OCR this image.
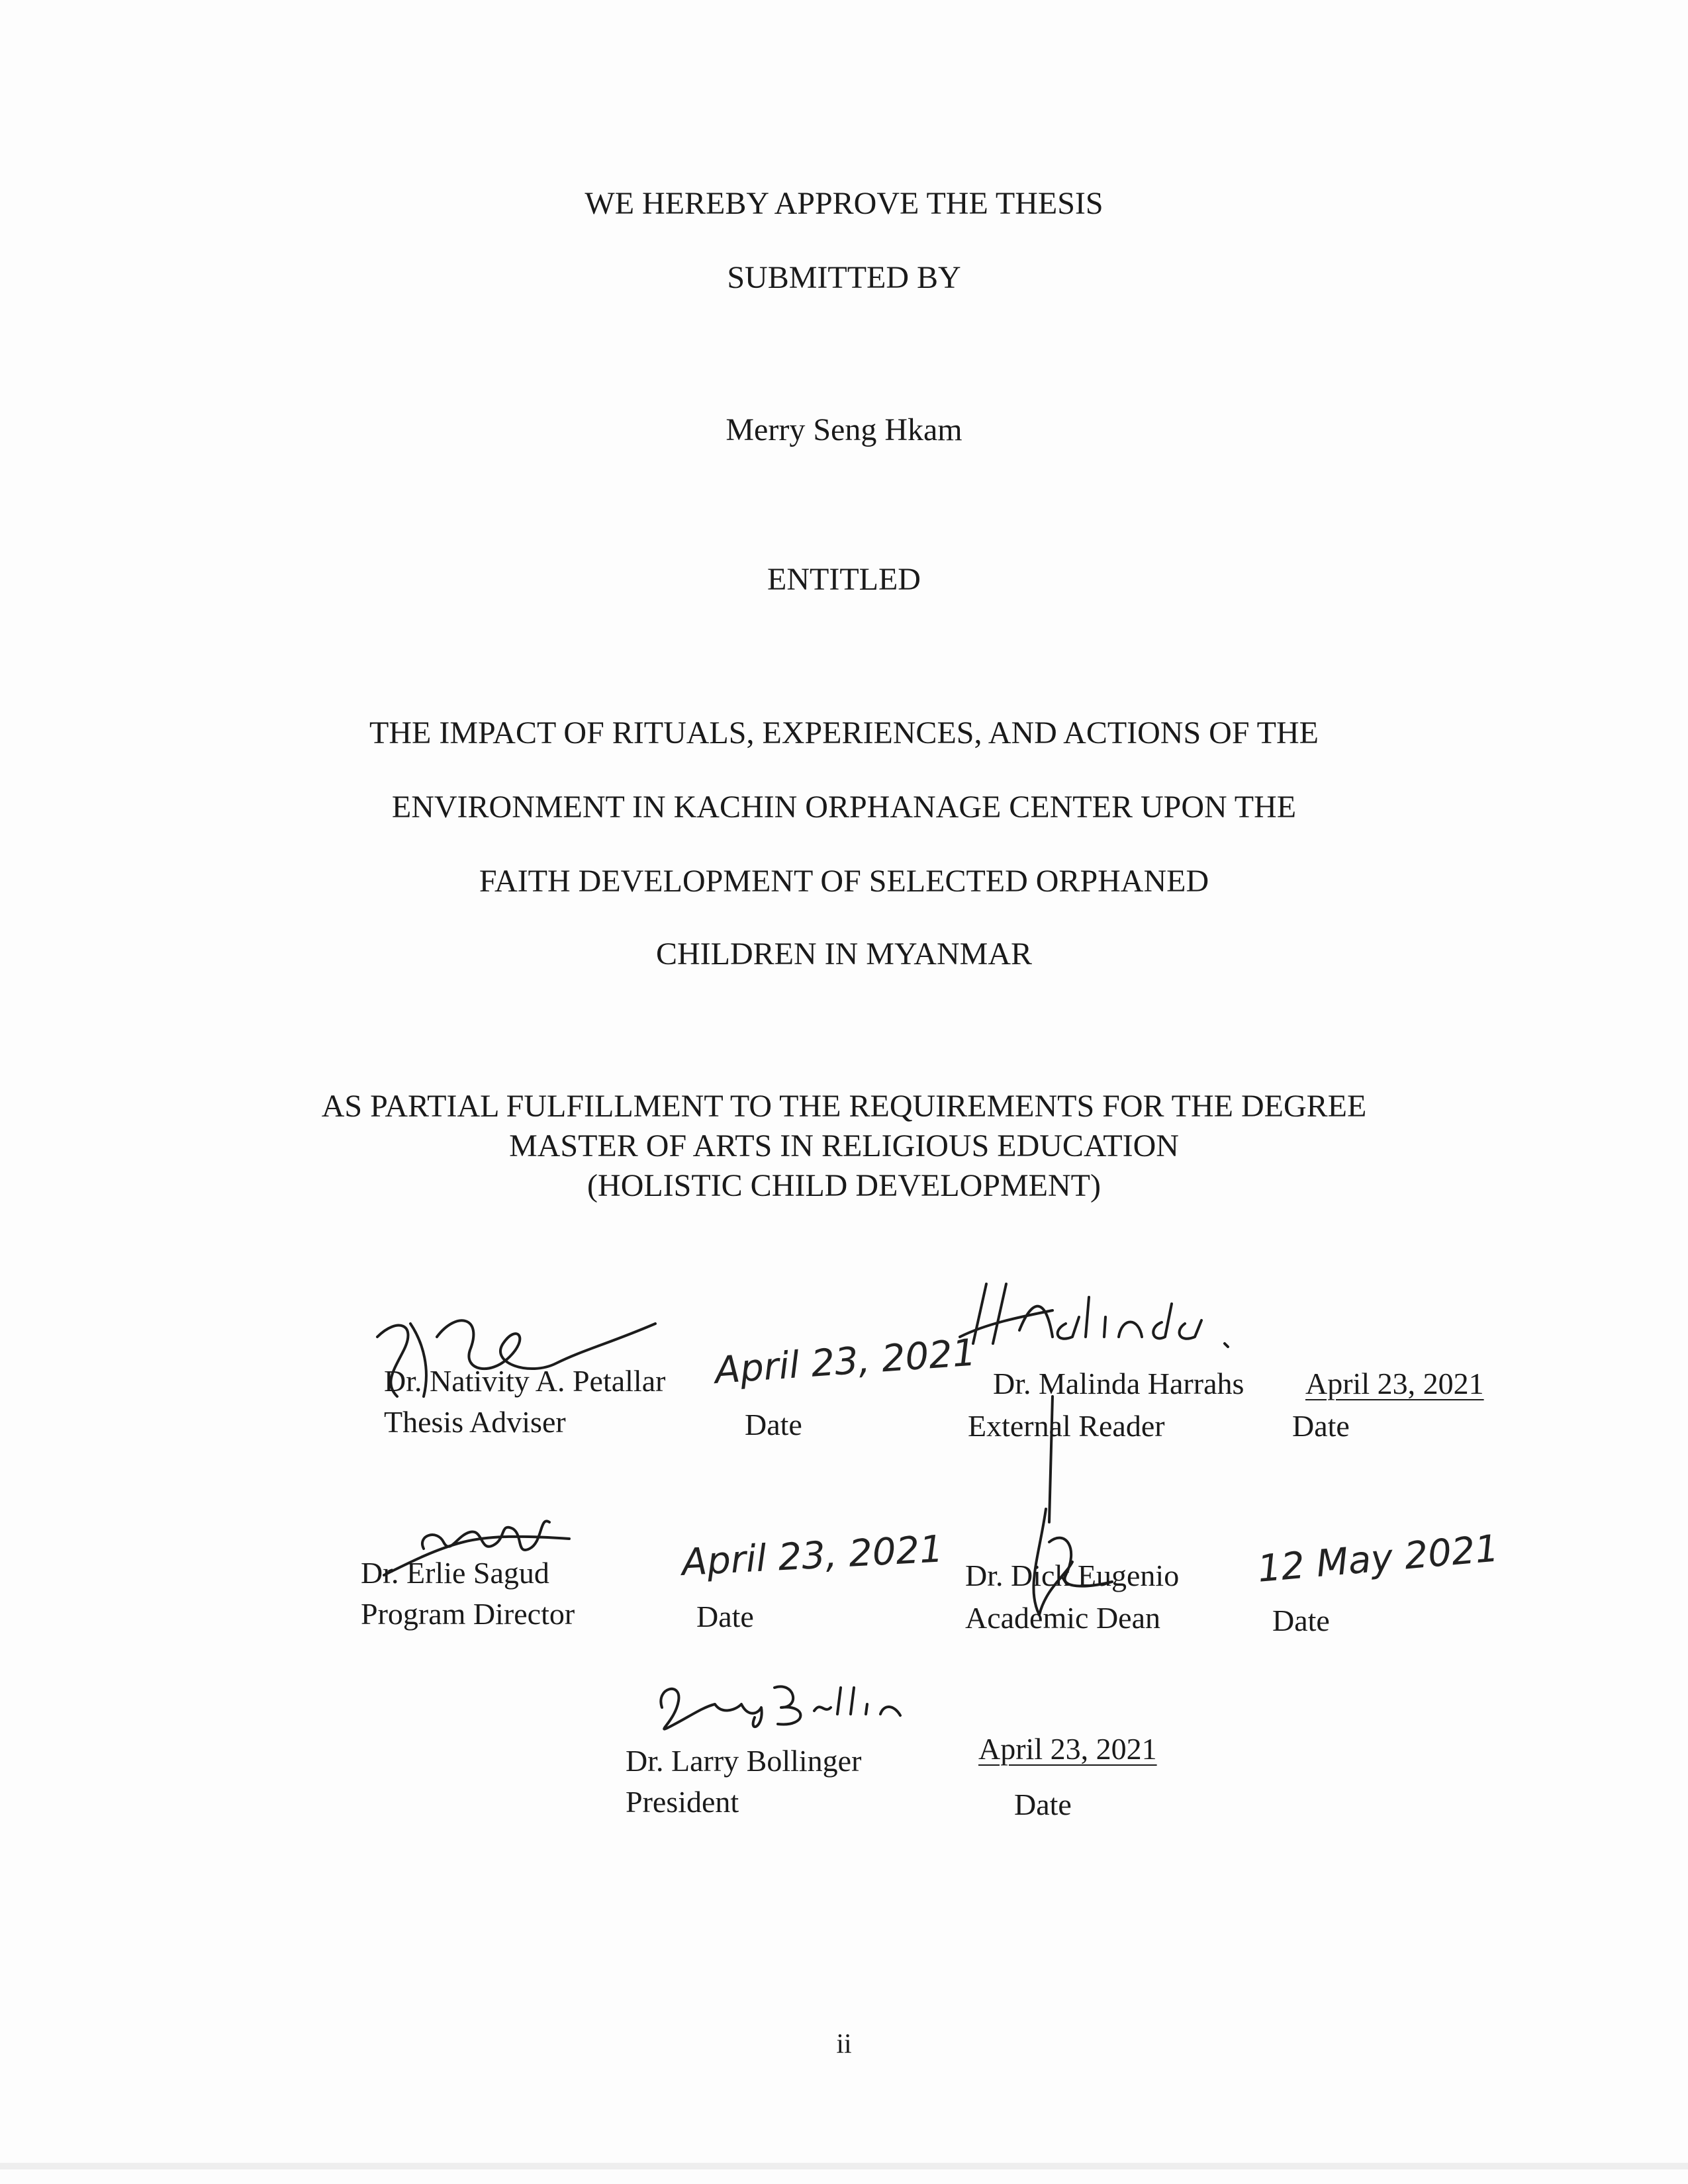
WE HEREBY APPROVE THE THESIS
SUBMITTED BY
Merry Seng Hkam
ENTITLED
THE IMPACT OF RITUALS, EXPERIENCES, AND ACTIONS OF THE
ENVIRONMENT IN KACHIN ORPHANAGE CENTER UPON THE
FAITH DEVELOPMENT OF SELECTED ORPHANED
CHILDREN IN MYANMAR
AS PARTIAL FULFILLMENT TO THE REQUIREMENTS FOR THE DEGREE
MASTER OF ARTS IN RELIGIOUS EDUCATION
(HOLISTIC CHILD DEVELOPMENT)
Dr. Nativity A. Petallar
Thesis Adviser
April 23, 2021
Date
Dr. Malinda Harrahs
External Reader
April 23, 2021
Date
Dr. Erlie Sagud
Program Director
April 23, 2021
Date
Dr. Dick Eugenio
Academic Dean
12 May 2021
Date
Dr. Larry Bollinger
President
April 23, 2021
Date
ii
